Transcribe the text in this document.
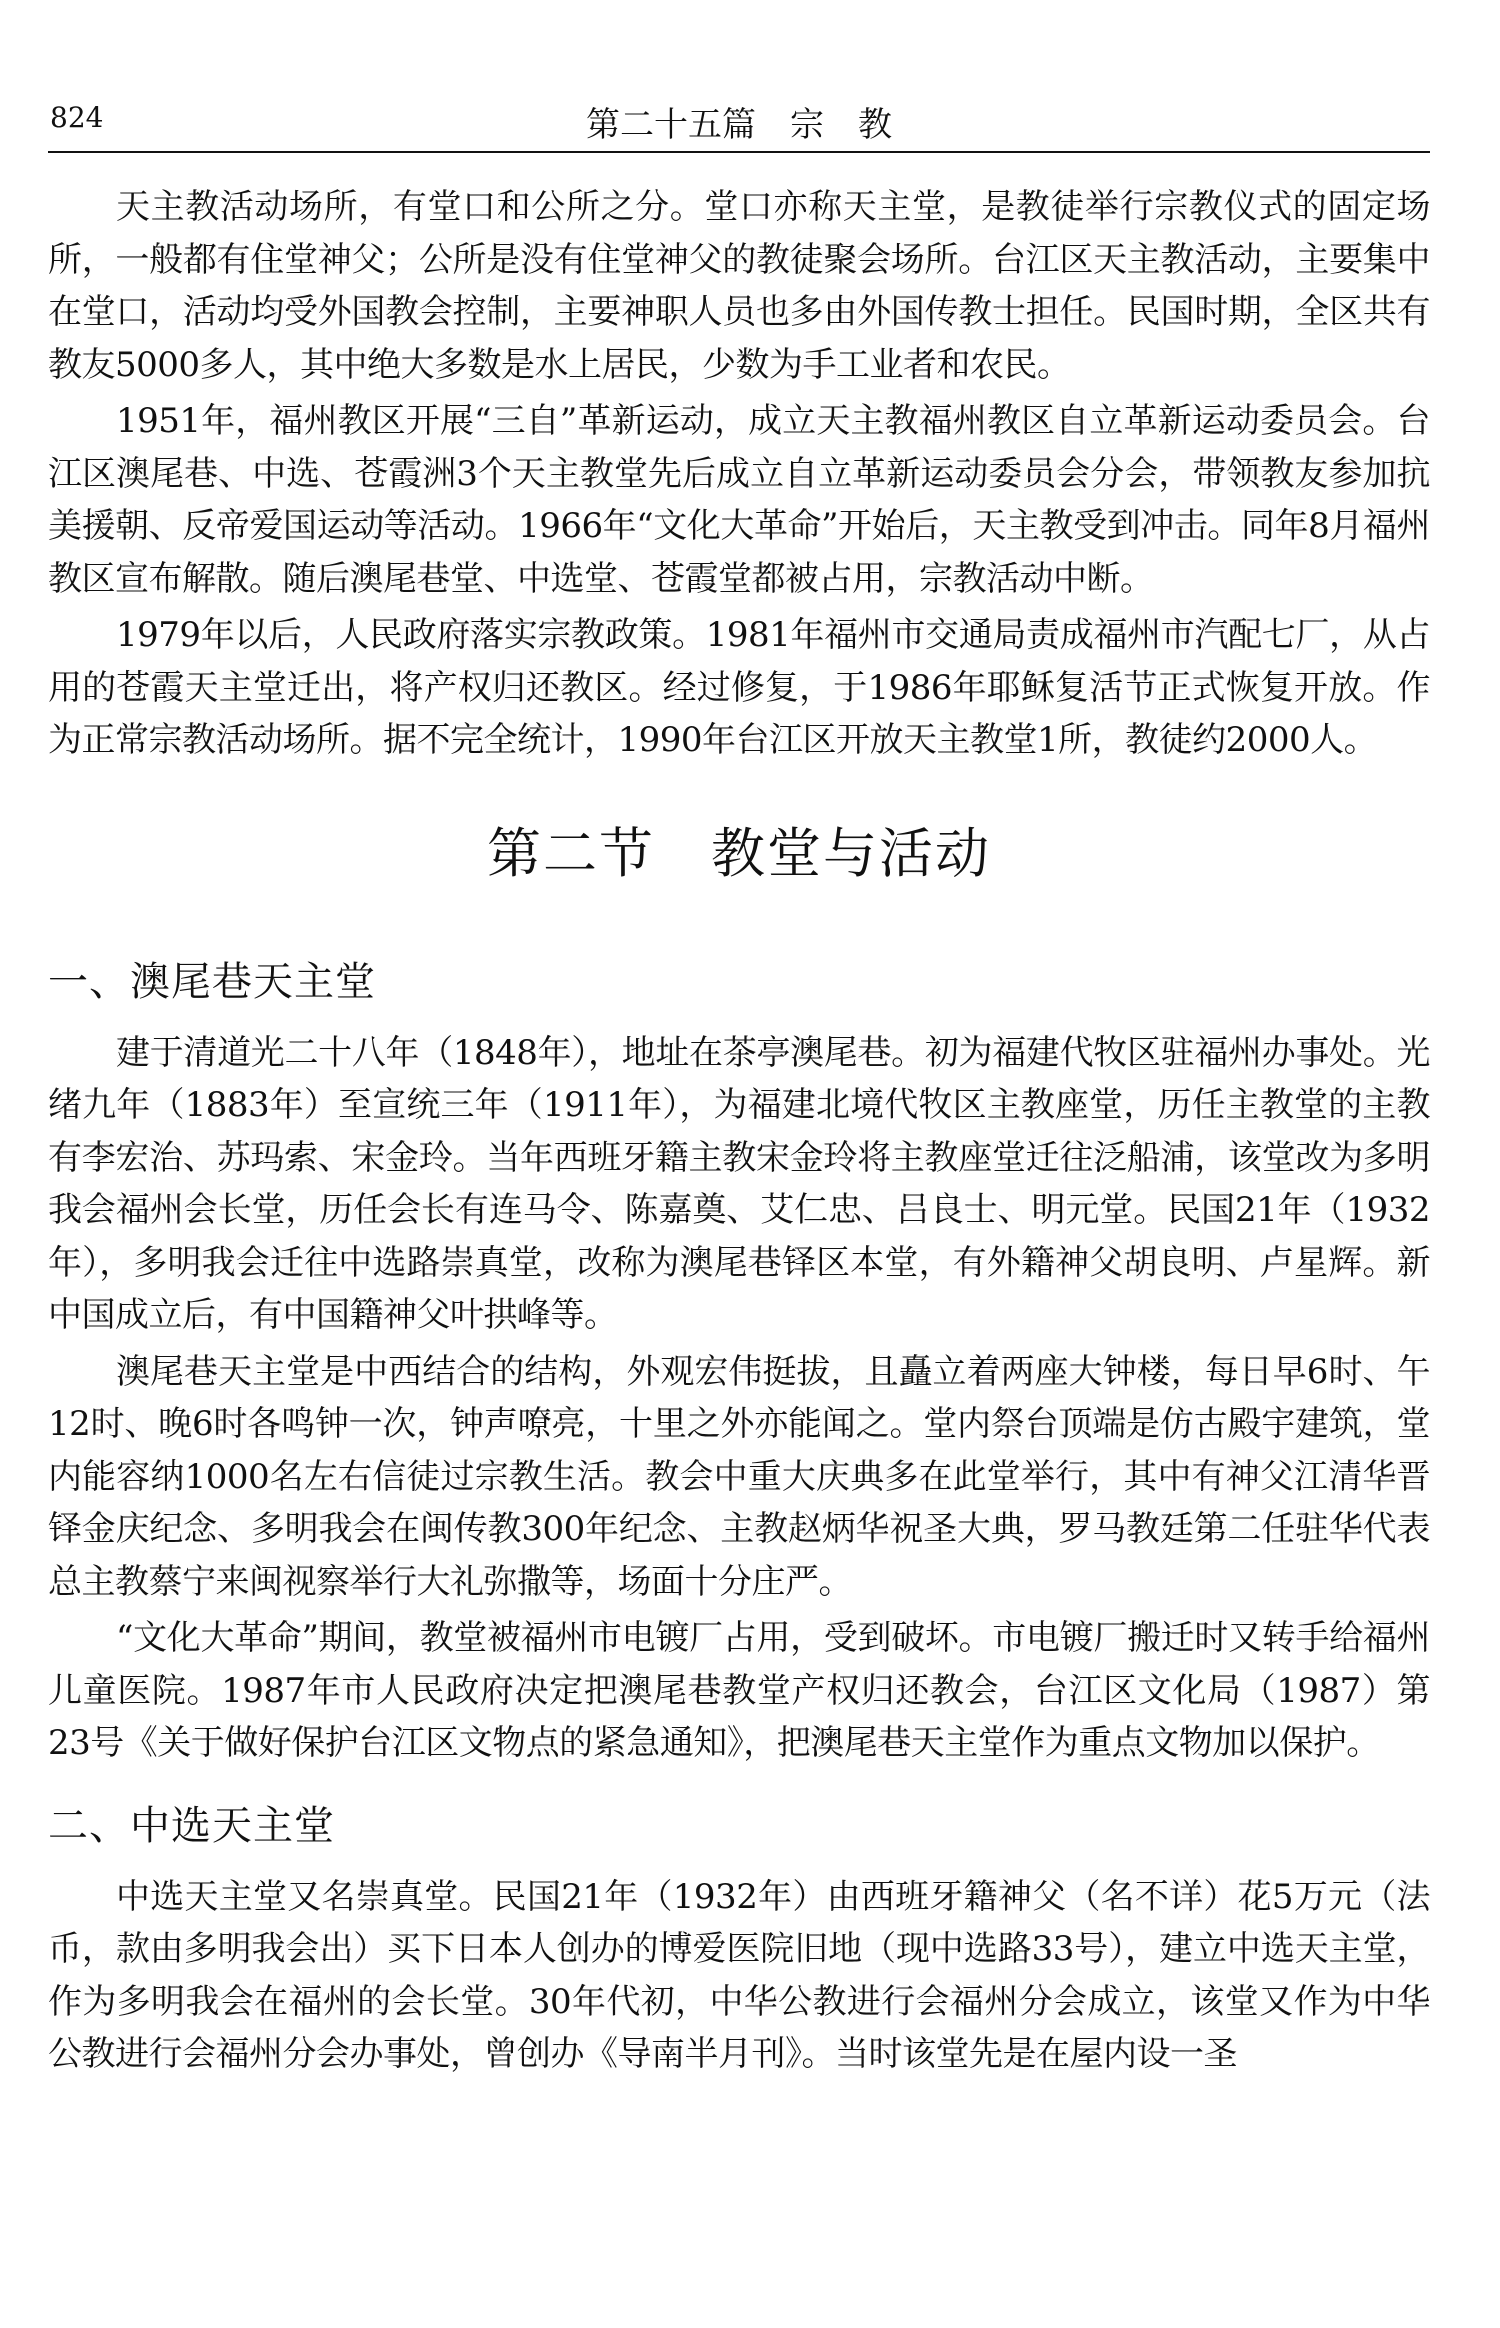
824	第二十五篇　宗　教

天主教活动场所，有堂口和公所之分。堂口亦称天主堂，是教徒举行宗教仪式的固定场所，一般都有住堂神父；公所是没有住堂神父的教徒聚会场所。台江区天主教活动，主要集中在堂口，活动均受外国教会控制，主要神职人员也多由外国传教士担任。民国时期，全区共有教友5000多人，其中绝大多数是水上居民，少数为手工业者和农民。

1951年，福州教区开展“三自”革新运动，成立天主教福州教区自立革新运动委员会。台江区澳尾巷、中选、苍霞洲3个天主教堂先后成立自立革新运动委员会分会，带领教友参加抗美援朝、反帝爱国运动等活动。1966年“文化大革命”开始后，天主教受到冲击。同年8月福州教区宣布解散。随后澳尾巷堂、中选堂、苍霞堂都被占用，宗教活动中断。

1979年以后，人民政府落实宗教政策。1981年福州市交通局责成福州市汽配七厂，从占用的苍霞天主堂迁出，将产权归还教区。经过修复，于1986年耶稣复活节正式恢复开放。作为正常宗教活动场所。据不完全统计，1990年台江区开放天主教堂1所，教徒约2000人。

第二节　教堂与活动
一、澳尾巷天主堂

建于清道光二十八年（1848年），地址在茶亭澳尾巷。初为福建代牧区驻福州办事处。光绪九年（1883年）至宣统三年（1911年），为福建北境代牧区主教座堂，历任主教堂的主教有李宏治、苏玛索、宋金玲。当年西班牙籍主教宋金玲将主教座堂迁往泛船浦，该堂改为多明我会福州会长堂，历任会长有连马令、陈嘉奠、艾仁忠、吕良士、明元堂。民国21年（1932年），多明我会迁往中选路崇真堂，改称为澳尾巷铎区本堂，有外籍神父胡良明、卢星辉。新中国成立后，有中国籍神父叶拱峰等。

澳尾巷天主堂是中西结合的结构，外观宏伟挺拔，且矗立着两座大钟楼，每日早6时、午12时、晚6时各鸣钟一次，钟声嘹亮，十里之外亦能闻之。堂内祭台顶端是仿古殿宇建筑，堂内能容纳1000名左右信徒过宗教生活。教会中重大庆典多在此堂举行，其中有神父江清华晋铎金庆纪念、多明我会在闽传教300年纪念、主教赵炳华祝圣大典，罗马教廷第二任驻华代表总主教蔡宁来闽视察举行大礼弥撒等，场面十分庄严。

“文化大革命”期间，教堂被福州市电镀厂占用，受到破坏。市电镀厂搬迁时又转手给福州儿童医院。1987年市人民政府决定把澳尾巷教堂产权归还教会，台江区文化局（1987）第23号《关于做好保护台江区文物点的紧急通知》，把澳尾巷天主堂作为重点文物加以保护。

二、中选天主堂

中选天主堂又名崇真堂。民国21年（1932年）由西班牙籍神父（名不详）花5万元（法币，款由多明我会出）买下日本人创办的博爱医院旧地（现中选路33号），建立中选天主堂，作为多明我会在福州的会长堂。30年代初，中华公教进行会福州分会成立，该堂又作为中华公教进行会福州分会办事处，曾创办《导南半月刊》。当时该堂先是在屋内设一圣
